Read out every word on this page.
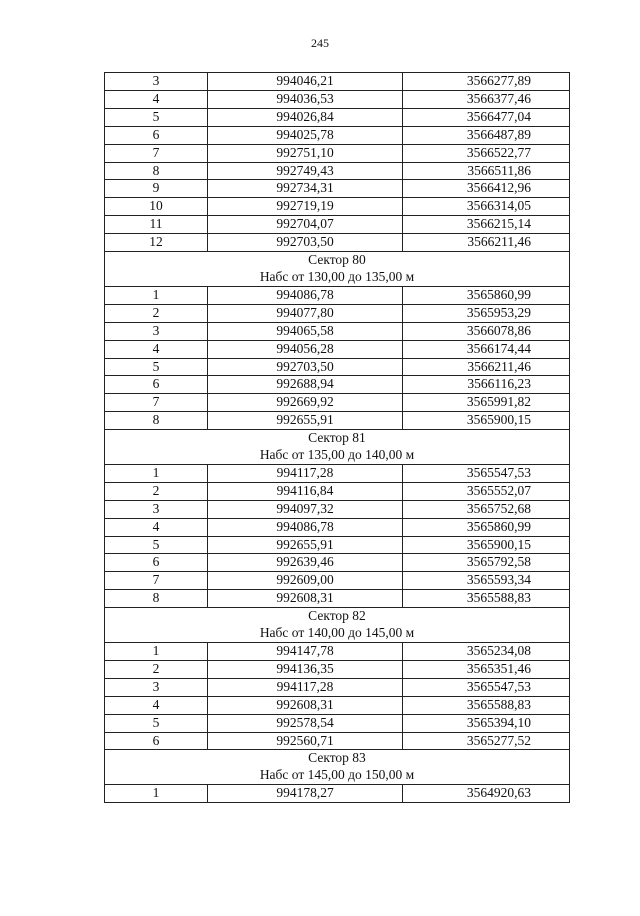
245
3	994046,21	3566277,89
4	994036,53	3566377,46
5	994026,84	3566477,04
6	994025,78	3566487,89
7	992751,10	3566522,77
8	992749,43	3566511,86
9	992734,31	3566412,96
10	992719,19	3566314,05
11	992704,07	3566215,14
12	992703,50	3566211,46
Сектор 80		
Набс от 130,00 до 135,00 м		
1	994086,78	3565860,99
2	994077,80	3565953,29
3	994065,58	3566078,86
4	994056,28	3566174,44
5	992703,50	3566211,46
6	992688,94	3566116,23
7	992669,92	3565991,82
8	992655,91	3565900,15
Сектор 81		
Набс от 135,00 до 140,00 м		
1	994117,28	3565547,53
2	994116,84	3565552,07
3	994097,32	3565752,68
4	994086,78	3565860,99
5	992655,91	3565900,15
6	992639,46	3565792,58
7	992609,00	3565593,34
8	992608,31	3565588,83
Сектор 82		
Набс от 140,00 до 145,00 м		
1	994147,78	3565234,08
2	994136,35	3565351,46
3	994117,28	3565547,53
4	992608,31	3565588,83
5	992578,54	3565394,10
6	992560,71	3565277,52
Сектор 83		
Набс от 145,00 до 150,00 м		
1	994178,27	3564920,63
